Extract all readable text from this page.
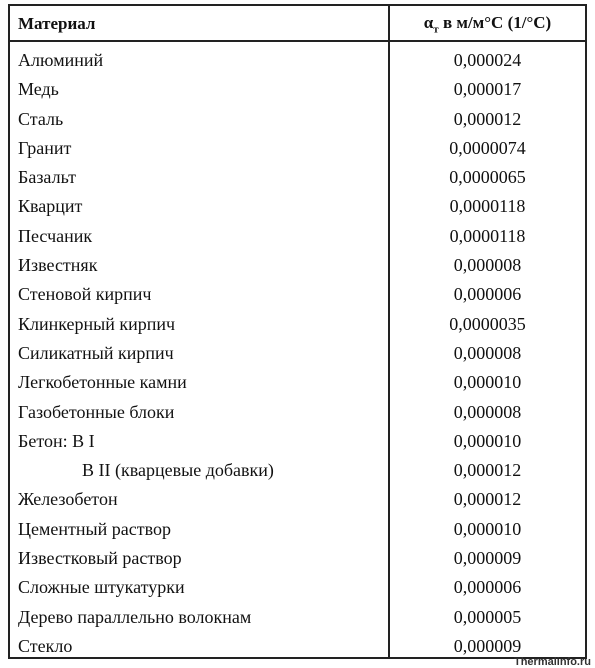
Материал	$\alpha_т$ в м/м°С (1/°С)
Алюминий	0,000024
Медь	0,000017
Сталь	0,000012
Гранит	0,0000074
Базальт	0,0000065
Кварцит	0,0000118
Песчаник	0,0000118
Известняк	0,000008
Стеновой кирпич	0,000006
Клинкерный кирпич	0,0000035
Силикатный кирпич	0,000008
Легкобетонные камни	0,000010
Газобетонные блоки	0,000008
Бетон: В I	0,000010
В II (кварцевые добавки)	0,000012
Железобетон	0,000012
Цементный раствор	0,000010
Известковый раствор	0,000009
Сложные штукатурки	0,000006
Дерево параллельно волокнам	0,000005
Стекло	0,000009
Thermalinfo.ru
